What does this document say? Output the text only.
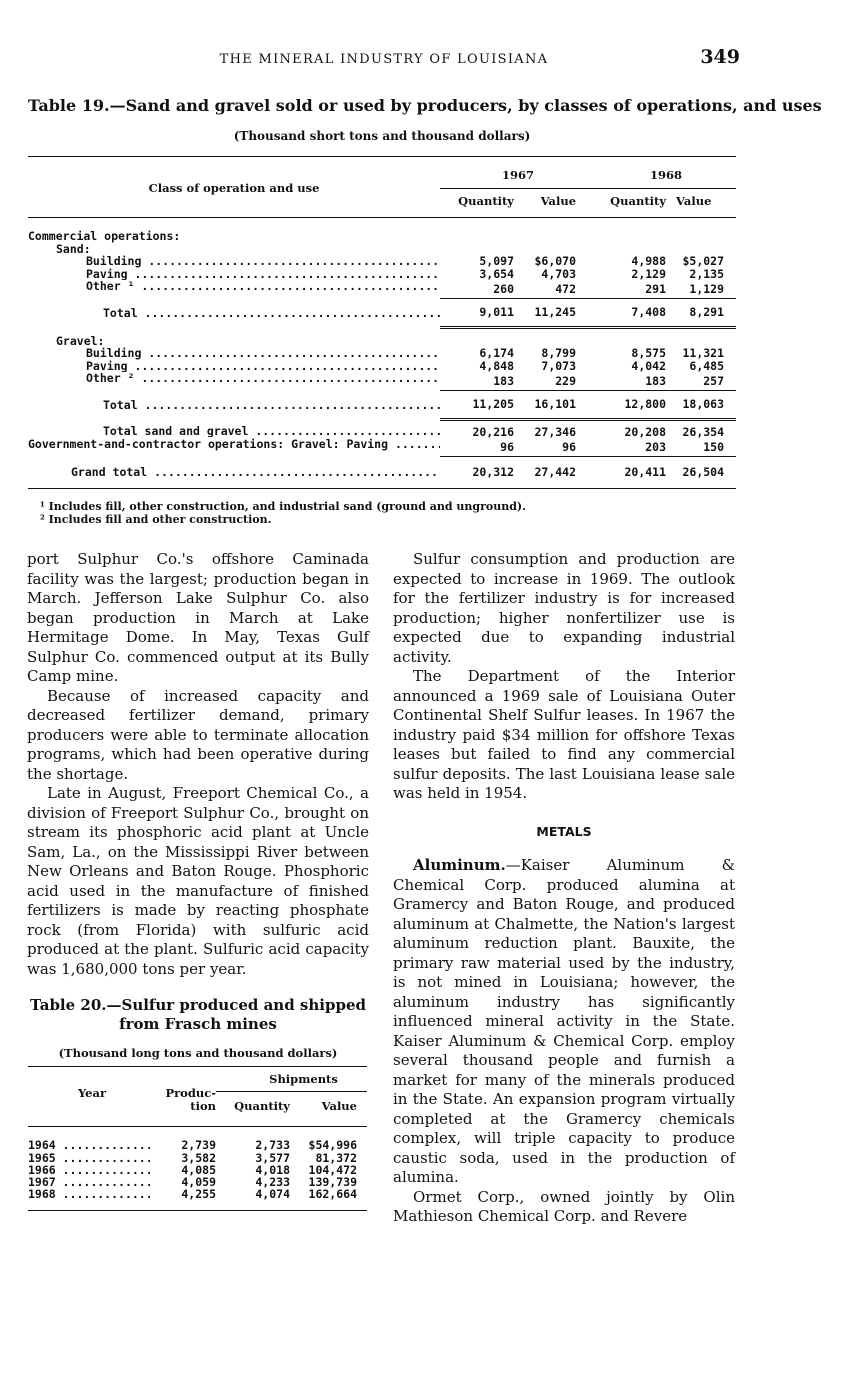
THE MINERAL INDUSTRY OF LOUISIANA	349
Table 19.—Sand and gravel sold or used by producers, by classes of operations, and uses
(Thousand short tons and thousand dollars)
Class of operation and use	1967		1968		
	Quantity	Value	Quantity	Value	

Commercial operations:					
Sand:					

Building .....	5,097	$6,070	4,988	$5,027	

Paving .....	3,654	4,703	2,129	2,135	

Other ¹ .....	260	472	291	1,129	

Total .....	9,011	11,245	7,408	8,291	
Gravel:					

Building .....	6,174	8,799	8,575	11,321	

Paving .....	4,848	7,073	4,042	6,485	

Other ² .....	183	229	183	257	

Total .....	11,205	16,101	12,800	18,063	

Total sand and gravel .....	20,216	27,346	20,208	26,354	

Government-and-contractor operations: Gravel: Paving .....	96	96	203	150	

Grand total .....	20,312	27,442	20,411	26,504	
¹ Includes fill, other construction, and industrial sand (ground and unground).
² Includes fill and other construction.

port Sulphur Co.'s offshore Caminada facility was the largest; production began in March. Jefferson Lake Sulphur Co. also began production in March at Lake Hermitage Dome. In May, Texas Gulf Sulphur Co. commenced output at its Bully Camp mine.

Because of increased capacity and decreased fertilizer demand, primary producers were able to terminate allocation programs, which had been operative during the shortage.

Late in August, Freeport Chemical Co., a division of Freeport Sulphur Co., brought on stream its phosphoric acid plant at Uncle Sam, La., on the Mississippi River between New Orleans and Baton Rouge. Phosphoric acid used in the manufacture of finished fertilizers is made by reacting phosphate rock (from Florida) with sulfuric acid produced at the plant. Sulfuric acid capacity was 1,680,000 tons per year.

Table 20.—Sulfur produced and shipped from Frasch mines
(Thousand long tons and thousand dollars)
Year	Produc-tion	Shipments	
		Quantity	Value

1964 .....	2,739	2,733	$54,996

1965 .....	3,582	3,577	81,372

1966 .....	4,085	4,018	104,472

1967 .....	4,059	4,233	139,739

1968 .....	4,255	4,074	162,664

Sulfur consumption and production are expected to increase in 1969. The outlook for the fertilizer industry is for increased production; higher nonfertilizer use is expected due to expanding industrial activity.

The Department of the Interior announced a 1969 sale of Louisiana Outer Continental Shelf Sulfur leases. In 1967 the industry paid $34 million for offshore Texas leases but failed to find any commercial sulfur deposits. The last Louisiana lease sale was held in 1954.

METALS

Aluminum.—Kaiser Aluminum & Chemical Corp. produced alumina at Gramercy and Baton Rouge, and produced aluminum at Chalmette, the Nation's largest aluminum reduction plant. Bauxite, the primary raw material used by the industry, is not mined in Louisiana; however, the aluminum industry has significantly influenced mineral activity in the State. Kaiser Aluminum & Chemical Corp. employ several thousand people and furnish a market for many of the minerals produced in the State. An expansion program virtually completed at the Gramercy chemicals complex, will triple capacity to produce caustic soda, used in the production of alumina.

Ormet Corp., owned jointly by Olin Mathieson Chemical Corp. and Revere
